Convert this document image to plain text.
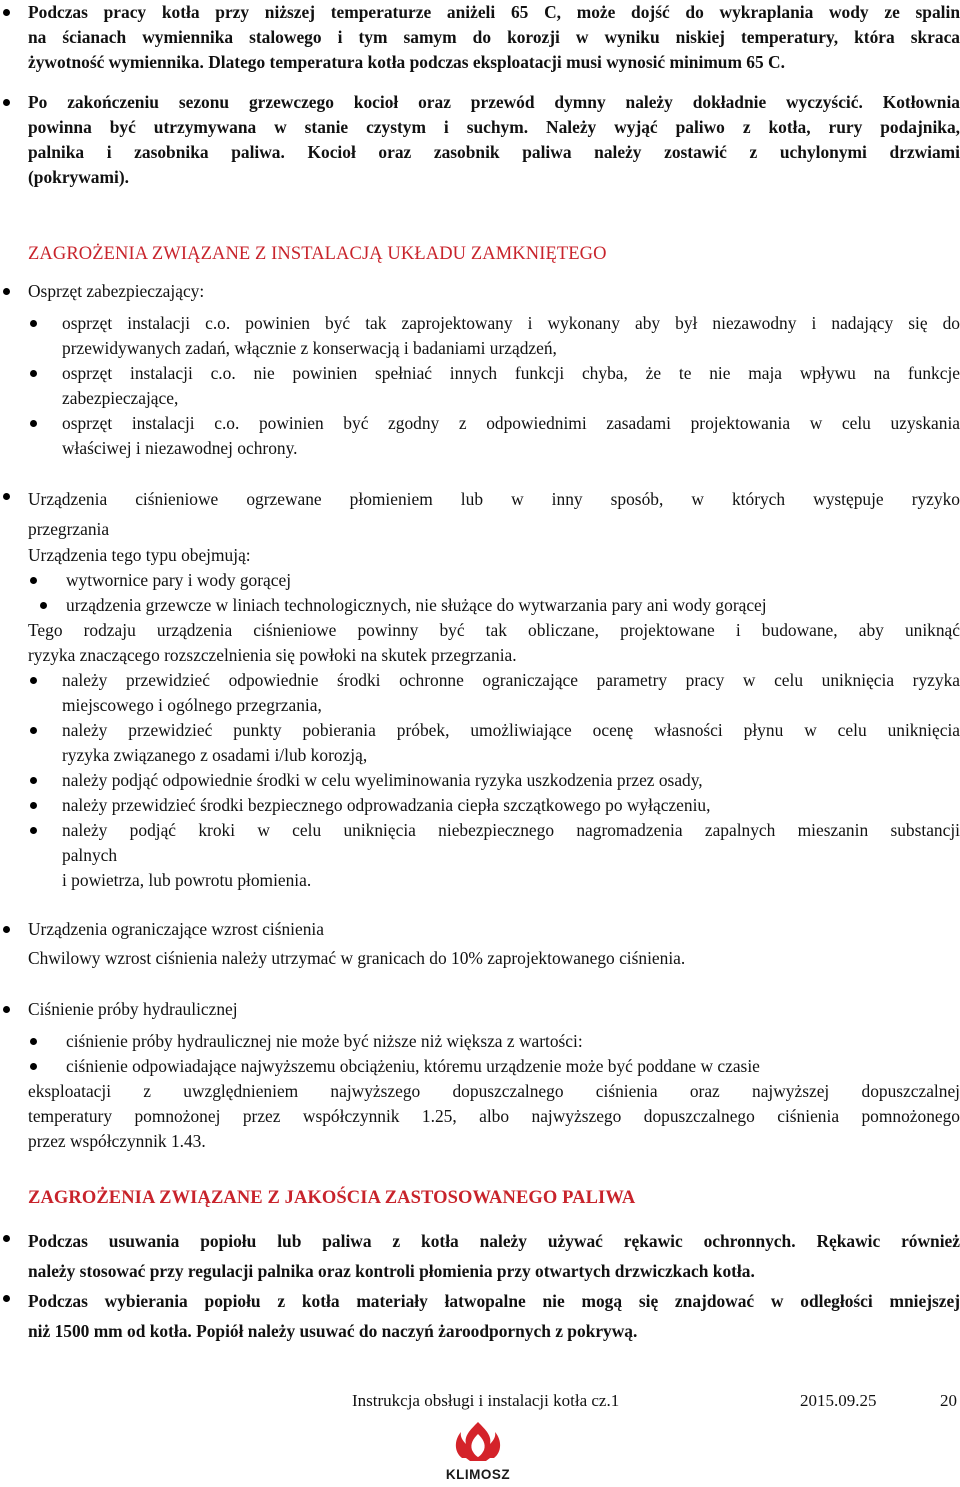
Podczas pracy kotła przy niższej temperaturze aniżeli 65 C, może dojść do wykraplania wody ze spalin
na ścianach wymiennika stalowego i tym samym do korozji w wyniku niskiej temperatury, która skraca
żywotność wymiennika. Dlatego temperatura kotła podczas eksploatacji musi wynosić minimum 65 C.
Po zakończeniu sezonu grzewczego kocioł oraz przewód dymny należy dokładnie wyczyścić. Kotłownia
powinna być utrzymywana w stanie czystym i suchym. Należy wyjąć paliwo z kotła, rury podajnika,
palnika i zasobnika paliwa. Kocioł oraz zasobnik paliwa należy zostawić z uchylonymi drzwiami
(pokrywami).
ZAGROŻENIA ZWIĄZANE Z INSTALACJĄ UKŁADU ZAMKNIĘTEGO
Osprzęt zabezpieczający:
osprzęt instalacji c.o. powinien być tak zaprojektowany i wykonany aby był niezawodny i nadający się do
przewidywanych zadań, włącznie z konserwacją i badaniami urządzeń,
osprzęt instalacji c.o. nie powinien spełniać innych funkcji chyba, że te nie maja wpływu na funkcje
zabezpieczające,
osprzęt instalacji c.o. powinien być zgodny z odpowiednimi zasadami projektowania w celu uzyskania
właściwej i niezawodnej ochrony.
Urządzenia ciśnieniowe ogrzewane płomieniem lub w inny sposób, w których występuje ryzyko
przegrzania
Urządzenia tego typu obejmują:
wytwornice pary i wody gorącej
urządzenia grzewcze w liniach technologicznych, nie służące do wytwarzania pary ani wody gorącej
Tego rodzaju urządzenia ciśnieniowe powinny być tak obliczane, projektowane i budowane, aby uniknąć
ryzyka znaczącego rozszczelnienia się powłoki na skutek przegrzania.
należy przewidzieć odpowiednie środki ochronne ograniczające parametry pracy w celu uniknięcia ryzyka
miejscowego i ogólnego przegrzania,
należy przewidzieć punkty pobierania próbek, umożliwiające ocenę własności płynu w celu uniknięcia
ryzyka związanego z osadami i/lub korozją,
należy podjąć odpowiednie środki w celu wyeliminowania ryzyka uszkodzenia przez osady,
należy przewidzieć środki bezpiecznego odprowadzania ciepła szczątkowego po wyłączeniu,
należy podjąć kroki w celu uniknięcia niebezpiecznego nagromadzenia zapalnych mieszanin substancji
palnych
i powietrza, lub powrotu płomienia.
Urządzenia ograniczające wzrost ciśnienia
Chwilowy wzrost ciśnienia należy utrzymać w granicach do 10% zaprojektowanego ciśnienia.
Ciśnienie próby hydraulicznej
ciśnienie próby hydraulicznej nie może być niższe niż większa z wartości:
ciśnienie odpowiadające najwyższemu obciążeniu, któremu urządzenie może być poddane w czasie
eksploatacji z uwzględnieniem najwyższego dopuszczalnego ciśnienia oraz najwyższej dopuszczalnej
temperatury pomnożonej przez współczynnik 1.25, albo najwyższego dopuszczalnego ciśnienia pomnożonego
przez współczynnik 1.43.
ZAGROŻENIA ZWIĄZANE Z JAKOŚCIA ZASTOSOWANEGO PALIWA
Podczas usuwania popiołu lub paliwa z kotła należy używać rękawic ochronnych. Rękawic również
należy stosować przy regulacji palnika oraz kontroli płomienia przy otwartych drzwiczkach kotła.
Podczas wybierania popiołu z kotła materiały łatwopalne nie mogą się znajdować w odległości mniejszej
niż 1500 mm od kotła. Popiół należy usuwać do naczyń żaroodpornych z pokrywą.
Instrukcja obsługi i instalacji kotła cz.1	2015.09.25	20
KLIMOSZ
